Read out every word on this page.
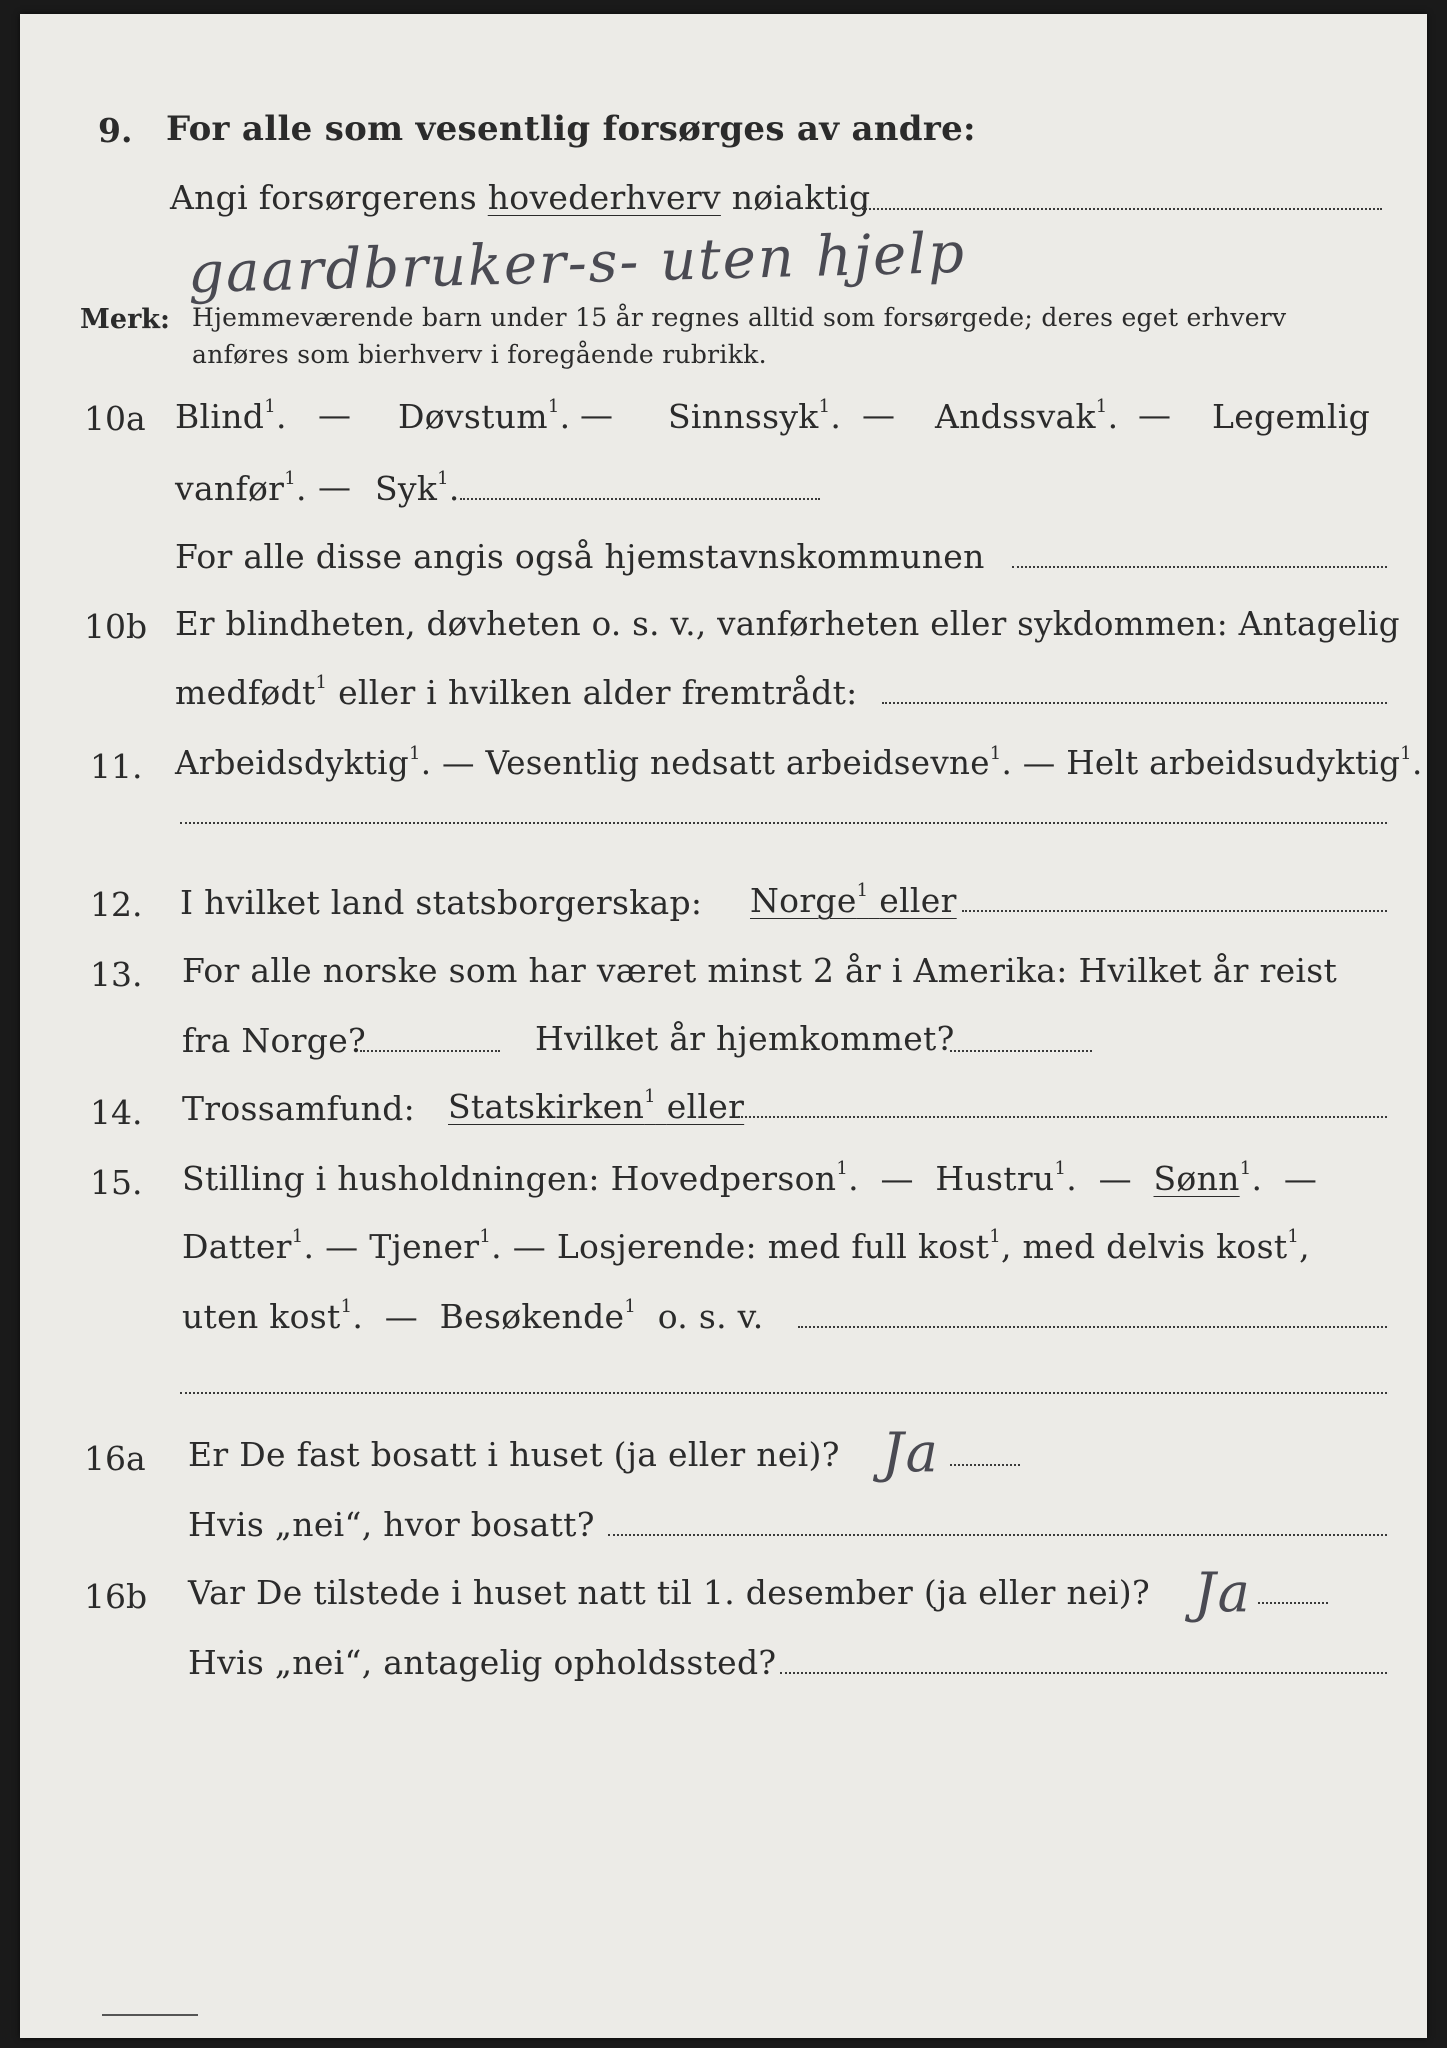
9. For alle som vesentlig forsørges av andre:
Angi forsørgerens hovederhverv nøiaktig
gaardbruker-s- uten hjelp
Merk: Hjemmeværende barn under 15 år regnes alltid som forsørgede; deres eget erhverv
anføres som bierhverv i foregående rubrikk.
10a Blind$^1$. — Døvstum$^1$. — Sinnssyk$^1$. — Andssvak$^1$. — Legemlig
vanfør$^1$. — Syk$^1$.
For alle disse angis også hjemstavnskommunen
10b Er blindheten, døvheten o. s. v., vanførheten eller sykdommen: Antagelig
medfødt$^1$ eller i hvilken alder fremtrådt:
11. Arbeidsdyktig$^1$. — Vesentlig nedsatt arbeidsevne$^1$. — Helt arbeidsudyktig$^1$.
12. I hvilket land statsborgerskap: Norge$^1$ eller
13. For alle norske som har været minst 2 år i Amerika: Hvilket år reist
fra Norge?	Hvilket år hjemkommet?
14. Trossamfund: Statskirken$^1$ eller
15. Stilling i husholdningen: Hovedperson$^1$.  — Hustru$^1$.  — Sønn$^1$.  —
Datter$^1$. — Tjener$^1$. — Losjerende: med full kost$^1$, med delvis kost$^1$,
uten kost$^1$.  — Besøkende$^1$ o. s. v.
16a Er De fast bosatt i huset (ja eller nei)? Ja
Hvis „nei“, hvor bosatt?
16b Var De tilstede i huset natt til 1. desember (ja eller nei)? Ja
Hvis „nei“, antagelig opholdssted?
